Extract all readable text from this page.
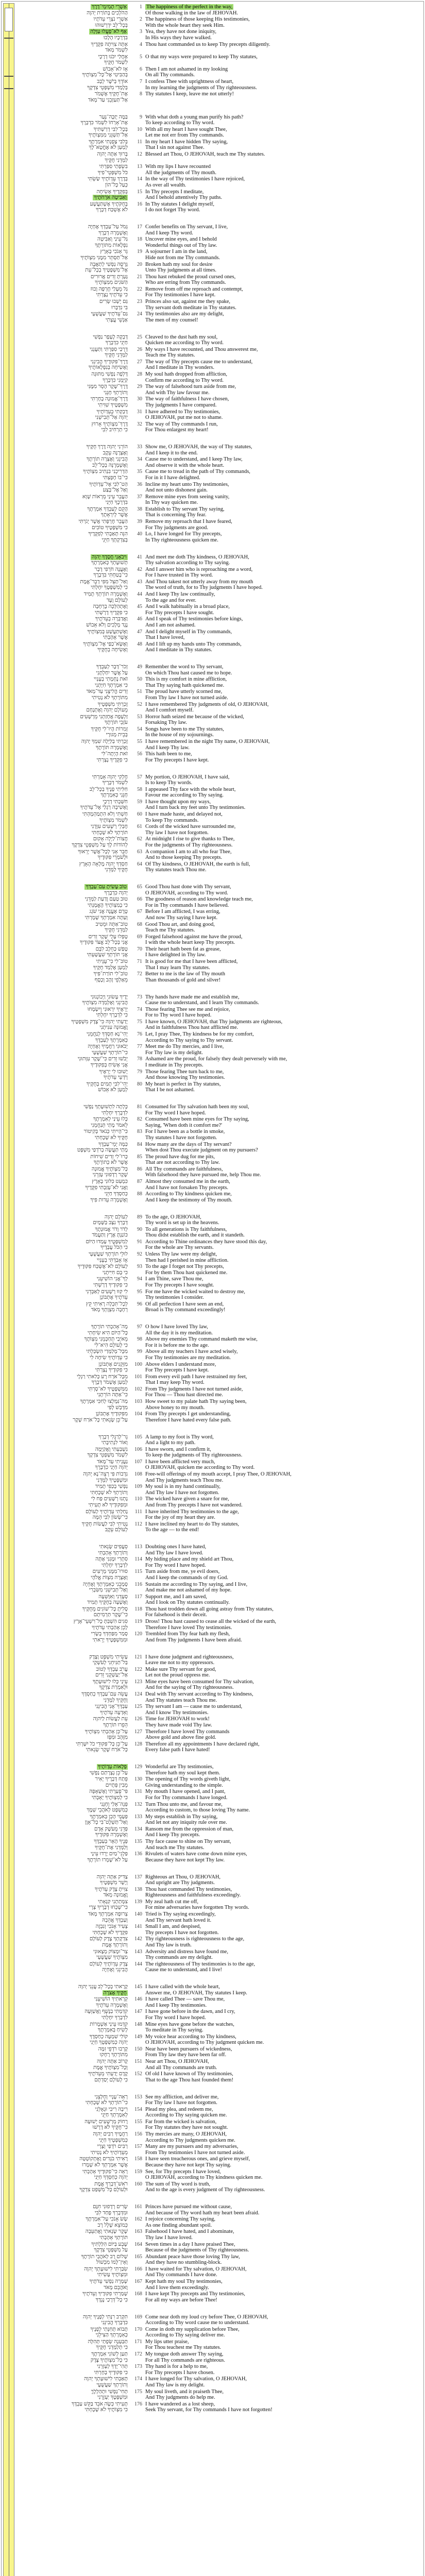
אַשְׁרֵי תְמִימֵי־דָרֶךְ
הַהֹלְכִים בְּתוֹרַת יְהוָה
1 The happiness of the perfect in the way,
Of those walking in the law of JEHOVAH.
אַשְׁרֵי נֹצְרֵי עֵדֹתָיו
בְּכָל־לֵב יִדְרְשׁוּהוּ
2 The happiness of those keeping His testimonies,
With the whole heart they seek Him.
אַף לֹא־פָעֲלוּ עַוְלָה
בִּדְרָכָיו הָלָכוּ
3 Yea, they have not done iniquity,
In His ways they have walked.
אַתָּה צִוִּיתָה פִקֻּדֶיךָ
לִשְׁמֹר מְאֹד
4 Thou hast commanded us to keep Thy precepts diligently.
אַחֲלַי יִכֹּנוּ דְרָכָי
לִשְׁמֹר חֻקֶּיךָ
5 O that my ways were prepared to keep Thy statutes,
אָז לֹא־אֵבוֹשׁ
בְּהַבִּיטִי אֶל־כָּל־מִצְוֺתֶיךָ
6 Then I am not ashamed in my looking
On all Thy commands.
אוֹדְךָ בְּיֹשֶׁר לֵבָב
בְּלָמְדִי מִשְׁפְּטֵי צִדְקֶךָ
7 I confess Thee with uprightness of heart,
In my learning the judgments of Thy righteousness.
אֶת־חֻקֶּיךָ אֶשְׁמֹר
אַל־תַּעַזְבֵנִי עַד־מְאֹד
8 Thy statutes I keep, leave me not utterly!
בַּמֶּה יְזַכֶּה־נַּעַר
אֶת־אָרְחוֹ לִשְׁמֹר כִּדְבָרֶךָ
9 With what doth a young man purify his path?
To keep according to Thy word.
בְּכָל־לִבִּי דְרַשְׁתִּיךָ
אַל־תַּשְׁגֵּנִי מִמִּצְוֺתֶיךָ
10 With all my heart I have sought Thee,
Let me not err from Thy commands.
בְּלִבִּי צָפַנְתִּי אִמְרָתֶךָ
לְמַעַן לֹא אֶחֱטָא־לָךְ
11 In my heart I have hidden Thy saying,
That I sin not against Thee.
בָּרוּךְ אַתָּה יְהוָה
לַמְּדֵנִי חֻקֶּיךָ
12 Blessed art Thou, O JEHOVAH, teach me Thy statutes.
בִּשְׂפָתַי סִפַּרְתִּי
כֹּל מִשְׁפְּטֵי־פִיךָ
13 With my lips I have recounted
All the judgments of Thy mouth.
בְּדֶרֶךְ עֵדְוֺתֶיךָ שַׂשְׂתִּי
כְּעַל כָּל־הוֹן
14 In the way of Thy testimonies I have rejoiced,
As over all wealth.
בְּפִקֻּדֶיךָ אָשִׂיחָה
וְאַבִּיטָה אֹרְחֹתֶיךָ
15 In Thy precepts I meditate,
And I behold attentively Thy paths.
בְּחֻקֹּתֶיךָ אֶשְׁתַּעֲשָׁע
לֹא אֶשְׁכַּח דְּבָרֶךָ
16 In Thy statutes I delight myself,
I do not forget Thy word.
גְּמֹל עַל־עַבְדְּךָ אֶחְיֶה
וְאֶשְׁמְרָה דְבָרֶךָ
17 Confer benefits on Thy servant, I live,
And I keep Thy word.
גַּל־עֵינַי וְאַבִּיטָה
נִפְלָאוֹת מִתּוֹרָתֶךָ
18 Uncover mine eyes, and I behold
Wonderful things out of Thy law.
גֵּר אָנֹכִי בָאָרֶץ
אַל־תַּסְתֵּר מִמֶּנִּי מִצְוֺתֶיךָ
19 A sojourner I am in the land,
Hide not from me Thy commands.
גָּרְסָה נַפְשִׁי לְתַאֲבָה
אֶל־מִשְׁפָּטֶיךָ בְכָל־עֵת
20 Broken hath my soul for desire
Unto Thy judgments at all times.
גָּעַרְתָּ זֵדִים אֲרוּרִים
הַשֹּׁגִים מִמִּצְוֺתֶיךָ
21 Thou hast rebuked the proud cursed ones,
Who are erring from Thy commands.
גַּל מֵעָלַי חֶרְפָּה וָבוּז
כִּי עֵדֹתֶיךָ נָצָרְתִּי
22 Remove from off me reproach and contempt,
For Thy testimonies I have kept.
גַּם יָשְׁבוּ שָׂרִים
בִּי נִדְבָּרוּ
23 Princes also sat, against me they spake,
Thy servant doth meditate in Thy statutes.
גַּם־עֵדֹתֶיךָ שַׁעֲשֻׁעָי
אַנְשֵׁי עֲצָתִי
24 Thy testimonies also are my delight,
The men of my counsel!
דָּבְקָה לֶעָפָר נַפְשִׁי
חַיֵּנִי כִּדְבָרֶךָ
25 Cleaved to the dust hath my soul,
Quicken me according to Thy word.
דְּרָכַי סִפַּרְתִּי וַתַּעֲנֵנִי
לַמְּדֵנִי חֻקֶּיךָ
26 My ways I have recounted, and Thou answerest me,
Teach me Thy statutes.
דֶּרֶךְ־פִּקּוּדֶיךָ הֲבִינֵנִי
וְאָשִׂיחָה בְּנִפְלְאוֹתֶיךָ
27 The way of Thy precepts cause me to understand,
And I meditate in Thy wonders.
דָּלְפָה נַפְשִׁי מִתּוּגָה
קַיְּמֵנִי כִּדְבָרֶךָ
28 My soul hath dropped from affliction,
Confirm me according to Thy word.
דֶּרֶךְ־שֶׁקֶר הָסֵר מִמֶּנִּי
וְתוֹרָתְךָ חָנֵּנִי
29 The way of falsehood turn aside from me,
And with Thy law favour me.
דֶּרֶךְ־אֱמוּנָה בָחָרְתִּי
מִשְׁפָּטֶיךָ שִׁוִּיתִי
30 The way of faithfulness I have chosen,
Thy judgments I have compared.
דָּבַקְתִּי בְעֵדְוֺתֶיךָ
יְהוָה אַל־תְּבִישֵׁנִי
31 I have adhered to Thy testimonies,
O JEHOVAH, put me not to shame.
דֶּרֶךְ־מִצְוֺתֶיךָ אָרוּץ
כִּי תַרְחִיב לִבִּי
32 The way of Thy commands I run,
For Thou enlargest my heart!
הוֹרֵנִי יְהוָה דֶּרֶךְ חֻקֶּיךָ
וְאֶצְּרֶנָּה עֵקֶב
33 Show me, O JEHOVAH, the way of Thy statutes,
And I keep it to the end.
הֲבִינֵנִי וְאֶצְּרָה תוֹרָתֶךָ
וְאֶשְׁמְרֶנָּה בְכָל־לֵב
34 Cause me to understand, and I keep Thy law,
And observe it with the whole heart.
הַדְרִיכֵנִי בִּנְתִיב מִצְוֺתֶיךָ
כִּי־בוֹ חָפָצְתִּי
35 Cause me to tread in the path of Thy commands,
For in it I have delighted.
הַט־לִבִּי אֶל־עֵדְוֺתֶיךָ
וְאַל אֶל־בָּצַע
36 Incline my heart unto Thy testimonies,
And not unto dishonest gain.
הַעֲבֵר עֵינַי מֵרְאוֹת שָׁוְא
בִּדְרָכֶךָ חַיֵּנִי
37 Remove mine eyes from seeing vanity,
In Thy way quicken me.
הָקֵם לְעַבְדְּךָ אִמְרָתֶךָ
אֲשֶׁר לְיִרְאָתֶךָ
38 Establish to Thy servant Thy saying,
That is concerning Thy fear.
הַעֲבֵר חֶרְפָּתִי אֲשֶׁר יָגֹרְתִּי
כִּי מִשְׁפָּטֶיךָ טוֹבִים
39 Remove my reproach that I have feared,
For Thy judgments are good.
הִנֵּה תָּאַבְתִּי לְפִקֻּדֶיךָ
בְּצִדְקָתְךָ חַיֵּנִי
40 Lo, I have longed for Thy precepts,
In Thy righteousness quicken me.
וִיבֹאֻנִי חֲסָדֶךָ יְהוָה
תְּשׁוּעָתְךָ כְּאִמְרָתֶךָ
41 And meet me doth Thy kindness, O JEHOVAH,
Thy salvation according to Thy saying.
וְאֶעֱנֶה חֹרְפִי דָבָר
כִּי־בָטַחְתִּי בִּדְבָרֶךָ
42 And I answer him who is reproaching me a word,
For I have trusted in Thy word.
וְאַל־תַּצֵּל מִפִּי דְבַר־אֱמֶת
כִּי לְמִשְׁפָּטֶךָ יִחָלְתִּי
43 And Thou takest not utterly away from my mouth
The word of truth, for to Thy judgments I have hoped.
וְאֶשְׁמְרָה תוֹרָתְךָ תָמִיד
לְעוֹלָם וָעֶד
44 And I keep Thy law continually,
To the age and for ever.
וְאֶתְהַלְּכָה בָרְחָבָה
כִּי פִקֻּדֶיךָ דָרָשְׁתִּי
45 And I walk habitually in a broad place,
For Thy precepts I have sought.
וַאֲדַבְּרָה בְעֵדֹתֶיךָ
נֶגֶד מְלָכִים וְלֹא אֵבוֹשׁ
46 And I speak of Thy testimonies before kings,
And I am not ashamed.
וְאֶשְׁתַּעֲשַׁע בְּמִצְוֺתֶיךָ
אֲשֶׁר אָהָבְתִּי
47 And I delight myself in Thy commands,
That I have loved,
וְאֶשָּׂא־כַפַּי אֶל־מִצְוֺתֶיךָ
וְאָשִׂיחָה בְחֻקֶּיךָ
48 And I lift up my hands unto Thy commands,
And I meditate in Thy statutes.
זְכֹר־דָּבָר לְעַבְדֶּךָ
עַל אֲשֶׁר יִחַלְתָּנִי
49 Remember the word to Thy servant,
On which Thou hast caused me to hope.
זֹאת נֶחָמָתִי בְעָנְיִי
כִּי אִמְרָתְךָ חִיָּתְנִי
50 This is my comfort in mine affliction,
That Thy saying hath quickened me.
זֵדִים הֱלִיצֻנִי עַד־מְאֹד
מִתּוֹרָתְךָ לֹא נָטִיתִי
51 The proud have utterly scorned me,
From Thy law I have not turned aside.
זָכַרְתִּי מִשְׁפָּטֶיךָ
מֵעוֹלָם יְהוָה וָאֶתְנֶחָם
52 I have remembered Thy judgments of old, O JEHOVAH,
And I comfort myself.
זַלְעָפָה אֲחָזַתְנִי מֵרְשָׁעִים
עֹזְבֵי תּוֹרָתֶךָ
53 Horror hath seized me because of the wicked,
Forsaking Thy law.
זְמִרוֹת הָיוּ־לִי חֻקֶּיךָ
בְּבֵית מְגוּרָי
54 Songs have been to me Thy statutes,
In the house of my sojournings.
זָכַרְתִּי בַלַּיְלָה שִׁמְךָ יְהוָה
וָאֶשְׁמְרָה תּוֹרָתֶךָ
55 I have remembered in the night Thy name, O JEHOVAH,
And I keep Thy law.
זֹאת הָיְתָה־לִּי
כִּי פִקֻּדֶיךָ נָצָרְתִּי
56 This hath been to me,
For Thy precepts I have kept.
חֶלְקִי יְהוָה אָמַרְתִּי
לִשְׁמֹר דְּבָרֶיךָ
57 My portion, O JEHOVAH, I have said,
Is to keep Thy words.
חִלִּיתִי פָנֶיךָ בְכָל־לֵב
חָנֵּנִי כְּאִמְרָתֶךָ
58 I appeased Thy face with the whole heart,
Favour me according to Thy saying.
חִשַּׁבְתִּי דְרָכָי
וָאָשִׁיבָה רַגְלַי אֶל־עֵדֹתֶיךָ
59 I have thought upon my ways,
And I turn back my feet unto Thy testimonies.
חַשְׁתִּי וְלֹא הִתְמַהְמָהְתִּי
לִשְׁמֹר מִצְוֺתֶיךָ
60 I have made haste, and delayed not,
To keep Thy commands.
חֶבְלֵי רְשָׁעִים עִוְּדֻנִי
תּוֹרָתְךָ לֹא שָׁכָחְתִּי
61 Cords of the wicked have surrounded me,
Thy law I have not forgotten.
חֲצוֹת־לַיְלָה אָקוּם
לְהוֹדוֹת לָךְ עַל מִשְׁפְּטֵי צִדְקֶךָ
62 At midnight I rise to give thanks to Thee,
For the judgments of Thy righteousness.
חָבֵר אָנִי לְכָל־אֲשֶׁר יְרֵאוּךָ
וּלְשֹׁמְרֵי פִּקּוּדֶיךָ
63 A companion I am to all who fear Thee,
And to those keeping Thy precepts.
חַסְדְּךָ יְהוָה מָלְאָה הָאָרֶץ
חֻקֶּיךָ לַמְּדֵנִי
64 Of Thy kindness, O JEHOVAH, the earth is full,
Thy statutes teach Thou me.
טוֹב עָשִׂיתָ עִם־עַבְדְּךָ
יְהוָה כִּדְבָרֶךָ
65 Good Thou hast done with Thy servant,
O JEHOVAH, according to Thy word.
טוּב טַעַם וָדַעַת לַמְּדֵנִי
כִּי בְמִצְוֺתֶיךָ הֶאֱמָנְתִּי
66 The goodness of reason and knowledge teach me,
For in Thy commands I have believed.
טֶרֶם אֶעֱנֶה אֲנִי שֹׁגֵג
וְעַתָּה אִמְרָתְךָ שָׁמָרְתִּי
67 Before I am afflicted, I was erring,
And now Thy saying I have kept.
טוֹב־אַתָּה וּמֵטִיב
לַמְּדֵנִי חֻקֶּיךָ
68 Good Thou art, and doing good,
Teach me Thy statutes.
טָפְלוּ עָלַי שֶׁקֶר זֵדִים
אֲנִי בְּכָל־לֵב אֱצֹּר פִּקּוּדֶיךָ
69 Forged falsehood against me have the proud,
I with the whole heart keep Thy precepts.
טָפַשׁ כַּחֵלֶב לִבָּם
אֲנִי תּוֹרָתְךָ שִׁעֲשָׁעְתִּי
70 Their heart hath been fat as grease,
I have delighted in Thy law.
טוֹב־לִי כִי־עֻנֵּיתִי
לְמַעַן אֶלְמַד חֻקֶּיךָ
71 It is good for me that I have been afflicted,
That I may learn Thy statutes.
טוֹב־לִי תוֹרַת־פִּיךָ
מֵאַלְפֵי זָהָב וָכָסֶף
72 Better to me is the law of Thy mouth
Than thousands of gold and silver!
יָדֶיךָ עָשׂוּנִי וַיְכוֹנְנוּנִי
הֲבִינֵנִי וְאֶלְמְדָה מִצְוֺתֶיךָ
73 Thy hands have made me and establish me,
Cause me to understand, and I learn Thy commands.
יְרֵאֶיךָ יִרְאוּנִי וְיִשְׂמָחוּ
כִּי לִדְבָרְךָ יִחָלְתִּי
74 Those fearing Thee see me and rejoice,
For to Thy word I have hoped.
יָדַעְתִּי יְהוָה כִּי־צֶדֶק מִשְׁפָּטֶיךָ
וֶאֱמוּנָה עִנִּיתָנִי
75 I have known, O JEHOVAH, that Thy judgments are righteous,
And in faithfulness Thou hast afflicted me.
יְהִי־נָא חַסְדְּךָ לְנַחֲמֵנִי
כְּאִמְרָתְךָ לְעַבְדֶּךָ
76 Let, I pray Thee, Thy kindness be for my comfort,
According to Thy saying to Thy servant.
יְבֹאוּנִי רַחֲמֶיךָ וְאֶחְיֶה
כִּי־תוֹרָתְךָ שַׁעֲשֻׁעָי
77 Meet me do Thy mercies, and I live,
For Thy law is my delight.
יֵבֹשׁוּ זֵדִים כִּי־שֶׁקֶר עִוְּתוּנִי
אֲנִי אָשִׂיחַ בְּפִקּוּדֶיךָ
78 Ashamed are the proud, for falsely they dealt perversely with me,
I meditate in Thy precepts.
יָשׁוּבוּ לִי יְרֵאֶיךָ
וְיֹדְעֵי עֵדֹתֶיךָ
79 Those fearing Thee turn back to me,
And those knowing Thy testimonies.
יְהִי־לִבִּי תָמִים בְּחֻקֶּיךָ
לְמַעַן לֹא אֵבוֹשׁ
80 My heart is perfect in Thy statutes,
That I be not ashamed.
כָּלְתָה לִתְשׁוּעָתְךָ נַפְשִׁי
לִדְבָרְךָ יִחָלְתִּי
81 Consumed for Thy salvation hath been my soul,
For Thy word I have hoped.
כָּלוּ עֵינַי לְאִמְרָתֶךָ
לֵאמֹר מָתַי תְּנַחֲמֵנִי
82 Consumed have been mine eyes for Thy saying,
Saying, 'When doth it comfort me?'
כִּי־הָיִיתִי כְּנֹאד בְּקִיטוֹר
חֻקֶּיךָ לֹא שָׁכָחְתִּי
83 For I have been as a bottle in smoke,
Thy statutes I have not forgotten.
כַּמָּה יְמֵי־עַבְדֶּךָ
מָתַי תַּעֲשֶׂה בְרֹדְפַי מִשְׁפָּט
84 How many are the days of Thy servant?
When dost Thou execute judgment on my pursuers?
כָּרוּ־לִי זֵדִים שִׁיחוֹת
אֲשֶׁר לֹא כְתוֹרָתֶךָ
85 The proud have dug for me pits,
That are not according to Thy law.
כָּל־מִצְוֺתֶיךָ אֱמוּנָה
שֶׁקֶר רְדָפוּנִי עָזְרֵנִי
86 All Thy commands are faithfulness,
With falsehood they have pursued me, help Thou me.
כִּמְעַט כִּלּוּנִי בָאָרֶץ
וַאֲנִי לֹא־עָזַבְתִּי פִקֻּדֶיךָ
87 Almost they consumed me in the earth,
And I have not forsaken Thy precepts.
כְּחַסְדְּךָ חַיֵּנִי
וְאֶשְׁמְרָה עֵדוּת פִּיךָ
88 According to Thy kindness quicken me,
And I keep the testimony of Thy mouth.
לְעוֹלָם יְהוָה
דְּבָרְךָ נִצָּב בַּשָּׁמָיִם
89 To the age, O JEHOVAH,
Thy word is set up in the heavens.
לְדֹר וָדֹר אֱמוּנָתֶךָ
כּוֹנַנְתָּ אֶרֶץ וַתַּעֲמֹד
90 To all generations is Thy faithfulness,
Thou didst establish the earth, and it standeth.
לְמִשְׁפָּטֶיךָ עָמְדוּ הַיּוֹם
כִּי הַכֹּל עֲבָדֶיךָ
91 According to Thine ordinances they have stood this day,
For the whole are Thy servants.
לוּלֵי תוֹרָתְךָ שַׁעֲשֻׁעָי
אָז אָבַדְתִּי בְעָנְיִי
92 Unless Thy law were my delight,
Then had I perished in mine affliction.
לְעוֹלָם לֹא־אֶשְׁכַּח פִּקּוּדֶיךָ
כִּי בָם חִיִּיתָנִי
93 To the age I forget not Thy precepts,
For by them Thou hast quickened me.
לְךָ־אֲנִי הוֹשִׁיעֵנִי
כִּי פִקּוּדֶיךָ דָרָשְׁתִּי
94 I am Thine, save Thou me,
For Thy precepts I have sought.
לִי קִוּוּ רְשָׁעִים לְאַבְּדֵנִי
עֵדֹתֶיךָ אֶתְבּוֹנָן
95 For me have the wicked waited to destroy me,
Thy testimonies I consider.
לְכָל־תִּכְלָה רָאִיתִי קֵץ
רְחָבָה מִצְוָתְךָ מְאֹד
96 Of all perfection I have seen an end,
Broad is Thy command exceedingly!
מָה־אָהַבְתִּי תוֹרָתֶךָ
כָּל־הַיּוֹם הִיא שִׂיחָתִי
97 O how I have loved Thy law,
All the day it is my meditation.
מֵאֹיְבַי תְּחַכְּמֵנִי מִצְוֺתֶךָ
כִּי לְעוֹלָם הִיא־לִי
98 Above my enemies Thy command maketh me wise,
For it is before me to the age.
מִכָּל־מְלַמְּדַי הִשְׂכַּלְתִּי
כִּי עֵדְוֺתֶיךָ שִׂיחָה לִי
99 Above all my teachers I have acted wisely,
For Thy testimonies are my meditation.
מִזְּקֵנִים אֶתְבּוֹנָן
כִּי פִקּוּדֶיךָ נָצָרְתִּי
100 Above elders I understand more,
For Thy precepts I have kept.
מִכָּל־אֹרַח רָע כָּלִאתִי רַגְלָי
לְמַעַן אֶשְׁמֹר דְּבָרֶךָ
101 From every evil path I have restrained my feet,
That I may keep Thy word.
מִמִּשְׁפָּטֶיךָ לֹא־סָרְתִּי
כִּי־אַתָּה הוֹרֵתָנִי
102 From Thy judgments I have not turned aside,
For Thou — Thou hast directed me.
מַה־נִּמְלְצוּ לְחִכִּי אִמְרָתֶךָ
מִדְּבַשׁ לְפִי
103 How sweet to my palate hath Thy saying been,
Above honey to my mouth.
מִפִּקּוּדֶיךָ אֶתְבּוֹנָן
עַל־כֵּן שָׂנֵאתִי כָּל־אֹרַח שָׁקֶר
104 From Thy precepts I get understanding,
Therefore I have hated every false path.
נֵר־לְרַגְלִי דְבָרֶךָ
וְאוֹר לִנְתִיבָתִי
105 A lamp to my foot is Thy word,
And a light to my path.
נִשְׁבַּעְתִּי וָאֲקַיֵּמָה
לִשְׁמֹר מִשְׁפְּטֵי צִדְקֶךָ
106 I have sworn, and I confirm it,
To keep the judgments of Thy righteousness.
נַעֲנֵיתִי עַד־מְאֹד
יְהוָה חַיֵּנִי כִדְבָרֶךָ
107 I have been afflicted very much,
O JEHOVAH, quicken me according to Thy word.
נִדְבוֹת פִּי רְצֵה־נָא יְהוָה
וּמִשְׁפָּטֶיךָ לַמְּדֵנִי
108 Free-will offerings of my mouth accept, I pray Thee, O JEHOVAH,
And Thy judgments teach Thou me.
נַפְשִׁי בְכַפִּי תָמִיד
וְתוֹרָתְךָ לֹא שָׁכָחְתִּי
109 My soul is in my hand continually,
And Thy law I have not forgotten.
נָתְנוּ רְשָׁעִים פַּח לִי
וּמִפִּקּוּדֶיךָ לֹא תָעִיתִי
110 The wicked have given a snare for me,
And from Thy precepts I have not wandered.
נָחַלְתִּי עֵדְוֺתֶיךָ לְעוֹלָם
כִּי־שְׂשׂוֹן לִבִּי הֵמָּה
111 I have inherited Thy testimonies to the age,
For the joy of my heart they are.
נָטִיתִי לִבִּי לַעֲשׂוֹת חֻקֶּיךָ
לְעוֹלָם עֵקֶב
112 I have inclined my heart to do Thy statutes,
To the age — to the end!
סֵעֲפִים שָׂנֵאתִי
וְתוֹרָתְךָ אָהָבְתִּי
113 Doubting ones I have hated,
And Thy law I have loved.
סִתְרִי וּמָגִנִּי אָתָּה
לִדְבָרְךָ יִחָלְתִּי
114 My hiding place and my shield art Thou,
For Thy word I have hoped.
סוּרוּ־מִמֶּנִּי מְרֵעִים
וְאֶצְּרָה מִצְוֺת אֱלֹהָי
115 Turn aside from me, ye evil doers,
And I keep the commands of my God.
סָמְכֵנִי כְאִמְרָתְךָ וְאֶחְיֶה
וְאַל־תְּבִישֵׁנִי מִשִּׂבְרִי
116 Sustain me according to Thy saying, and I live,
And make me not ashamed of my hope.
סְעָדֵנִי וְאִוָּשֵׁעָה
וְאֶשְׁעָה בְחֻקֶּיךָ תָמִיד
117 Support me, and I am saved,
And I look on Thy statutes continually.
סָלִיתָ כָּל־שׁוֹגִים מֵחֻקֶּיךָ
כִּי־שֶׁקֶר תַּרְמִיתָם
118 Thou hast trodden down all going astray from Thy statutes,
For falsehood is their deceit.
סִגִים הִשְׁבַּתָּ כָל־רִשְׁעֵי־אָרֶץ
לָכֵן אָהַבְתִּי עֵדֹתֶיךָ
119 Dross! Thou hast caused to cease all the wicked of the earth,
Therefore I have loved Thy testimonies.
סָמַר מִפַּחְדְּךָ בְשָׂרִי
וּמִמִּשְׁפָּטֶיךָ יָרֵאתִי
120 Trembled from Thy fear hath my flesh,
And from Thy judgments I have been afraid.
עָשִׂיתִי מִשְׁפָּט וָצֶדֶק
בַּל־תַּנִּיחֵנִי לְעֹשְׁקָי
121 I have done judgment and righteousness,
Leave me not to my oppressors.
עֲרֹב עַבְדְּךָ לְטוֹב
אַל־יַעַשְׁקֻנִי זֵדִים
122 Make sure Thy servant for good,
Let not the proud oppress me.
עֵינַי כָּלוּ לִישׁוּעָתֶךָ
וּלְאִמְרַת צִדְקֶךָ
123 Mine eyes have been consumed for Thy salvation,
And for the saying of Thy righteousness.
עֲשֵׂה עִם־עַבְדְּךָ כְחַסְדֶּךָ
וְחֻקֶּיךָ לַמְּדֵנִי
124 Deal with Thy servant according to Thy kindness,
And Thy statutes teach Thou me.
עַבְדְּךָ־אָנִי הֲבִינֵנִי
וְאֵדְעָה עֵדֹתֶיךָ
125 Thy servant I am — cause me to understand,
And I know Thy testimonies.
עֵת לַעֲשׂוֹת לַיהוָה
הֵפֵרוּ תּוֹרָתֶךָ
126 Time for JEHOVAH to work!
They have made void Thy law.
עַל־כֵּן אָהַבְתִּי מִצְוֺתֶיךָ
מִזָּהָב וּמִפָּז
127 Therefore I have loved Thy commands
Above gold and above fine gold.
עַל־כֵּן כָּל־פִּקּוּדֵי כֹל יִשָּׁרְתִּי
כָּל־אֹרַח שֶׁקֶר שָׂנֵאתִי
128 Therefore all my appointments I have declared right,
Every false path I have hated!
פְּלָאוֹת עֵדְוֺתֶיךָ
עַל־כֵּן נְצָרָתַם נַפְשִׁי
129 Wonderful are Thy testimonies,
Therefore hath my soul kept them.
פֵּתַח דְּבָרֶיךָ יָאִיר
מֵבִין פְּתָיִים
130 The opening of Thy words giveth light,
Giving understanding to the simple.
פִּי־פָעַרְתִּי וָאֶשְׁאָפָה
כִּי לְמִצְוֺתֶיךָ יָאָבְתִּי
131 My mouth I have opened, and I pant,
For for Thy commands I have longed.
פְּנֵה־אֵלַי וְחָנֵּנִי
כְּמִשְׁפָּט לְאֹהֲבֵי שְׁמֶךָ
132 Turn Thou unto me, and favour me,
According to custom, to those loving Thy name.
פְּעָמַי הָכֵן בְּאִמְרָתֶךָ
וְאַל־תַּשְׁלֶט־בִּי כָל־אָוֶן
133 My steps establish in Thy saying,
And let not any iniquity rule over me.
פְּדֵנִי מֵעֹשֶׁק אָדָם
וְאֶשְׁמְרָה פִּקּוּדֶיךָ
134 Ransom me from the oppression of man,
And I keep Thy precepts.
פָּנֶיךָ הָאֵר בְּעַבְדֶּךָ
וְלַמְּדֵנִי אֶת־חֻקֶּיךָ
135 Thy face cause to shine on Thy servant,
And teach me Thy statutes.
פַּלְגֵי־מַיִם יָרְדוּ עֵינָי
עַל לֹא־שָׁמְרוּ תוֹרָתֶךָ
136 Rivulets of waters have come down mine eyes,
Because they have not kept Thy law.
צַדִּיק אַתָּה יְהוָה
וְיָשָׁר מִשְׁפָּטֶיךָ
137 Righteous art Thou, O JEHOVAH,
And upright are Thy judgments.
צִוִּיתָ צֶדֶק עֵדֹתֶיךָ
וֶאֱמוּנָה מְאֹד
138 Thou hast commanded Thy testimonies,
Righteousness and faithfulness exceedingly.
צִמְּתַתְנִי קִנְאָתִי
כִּי־שָׁכְחוּ דְבָרֶיךָ צָרָי
139 My zeal hath cut me off,
For mine adversaries have forgotten Thy words.
צְרוּפָה אִמְרָתְךָ מְאֹד
וְעַבְדְּךָ אֲהֵבָהּ
140 Tried is Thy saying exceedingly,
And Thy servant hath loved it.
צָעִיר אָנֹכִי וְנִבְזֶה
פִּקֻּדֶיךָ לֹא שָׁכָחְתִּי
141 Small I am, and despised,
Thy precepts I have not forgotten.
צִדְקָתְךָ צֶדֶק לְעוֹלָם
וְתוֹרָתְךָ אֱמֶת
142 Thy righteousness is righteousness to the age,
And Thy law is truth.
צַר־וּמָצוֹק מְצָאוּנִי
מִצְוֺתֶיךָ שַׁעֲשֻׁעָי
143 Adversity and distress have found me,
Thy commands are my delight.
צֶדֶק עֵדְוֺתֶיךָ לְעוֹלָם
הֲבִינֵנִי וְאֶחְיֶה
144 The righteousness of Thy testimonies is to the age,
Cause me to understand, and I live!
קָרָאתִי בְכָל־לֵב עֲנֵנִי יְהוָה
חֻקֶּיךָ אֶצֹּרָה
145 I have called with the whole heart,
Answer me, O JEHOVAH, Thy statutes I keep.
קְרָאתִיךָ הוֹשִׁיעֵנִי
וְאֶשְׁמְרָה עֵדֹתֶיךָ
146 I have called Thee — save Thou me,
And I keep Thy testimonies.
קִדַּמְתִּי בַנֶּשֶׁף וָאֲשַׁוֵּעָה
לִדְבָרְךָ יִחָלְתִּי
147 I have gone before in the dawn, and I cry,
For Thy word I have hoped.
קִדְּמוּ עֵינַי אַשְׁמֻרוֹת
לָשִׂיחַ בְּאִמְרָתֶךָ
148 Mine eyes have gone before the watches,
To meditate in Thy saying.
קוֹלִי שִׁמְעָה כְחַסְדֶּךָ
יְהוָה כְּמִשְׁפָּטֶךָ חַיֵּנִי
149 My voice hear according to Thy kindness,
O JEHOVAH, according to Thy judgment quicken me.
קָרְבוּ רֹדְפֵי זִמָּה
מִתּוֹרָתְךָ רָחָקוּ
150 Near have been pursuers of wickedness,
From Thy law they have been far off.
קָרוֹב אַתָּה יְהוָה
וְכָל־מִצְוֺתֶיךָ אֱמֶת
151 Near art Thou, O JEHOVAH,
And all Thy commands are truth.
קֶדֶם יָדַעְתִּי מֵעֵדֹתֶיךָ
כִּי לְעוֹלָם יְסַדְתָּם
152 Of old I have known of Thy testimonies,
That to the age Thou hast founded them!
רְאֵה־עָנְיִי וְחַלְּצֵנִי
כִּי־תוֹרָתְךָ לֹא שָׁכָחְתִּי
153 See my affliction, and deliver me,
For Thy law I have not forgotten.
רִיבָה רִיבִי וּגְאָלֵנִי
לְאִמְרָתְךָ חַיֵּנִי
154 Plead my plea, and redeem me,
According to Thy saying quicken me.
רָחוֹק מֵרְשָׁעִים יְשׁוּעָה
כִּי־חֻקֶּיךָ לֹא דָרָשׁוּ
155 Far from the wicked is salvation,
For Thy statutes they have not sought.
רַחֲמֶיךָ רַבִּים יְהוָה
כְּמִשְׁפָּטֶיךָ חַיֵּנִי
156 Thy mercies are many, O JEHOVAH,
According to Thy judgments quicken me.
רַבִּים רֹדְפַי וְצָרָי
מֵעֵדְוֺתֶיךָ לֹא נָטִיתִי
157 Many are my pursuers and my adversaries,
From Thy testimonies I have not turned aside.
רָאִיתִי בֹגְדִים וָאֶתְקוֹטָטָה
אֲשֶׁר אִמְרָתְךָ לֹא שָׁמָרוּ
158 I have seen treacherous ones, and grieve myself,
Because they have not kept Thy saying.
רְאֵה כִּי־פִקּוּדֶיךָ אָהָבְתִּי
יְהוָה כְּחַסְדְּךָ חַיֵּנִי
159 See, for Thy precepts I have loved,
O JEHOVAH, according to Thy kindness quicken me.
רֹאשׁ־דְּבָרְךָ אֱמֶת
וּלְעוֹלָם כָּל־מִשְׁפַּט צִדְקֶךָ
160 The sum of Thy word is truth,
And to the age is every judgment of Thy righteousness.
שָׂרִים רְדָפוּנִי חִנָּם
וּמִדְּבָרְךָ פָּחַד לִבִּי
161 Princes have pursued me without cause,
And because of Thy word hath my heart been afraid.
שָׂשׂ אָנֹכִי עַל־אִמְרָתֶךָ
כְּמוֹצֵא שָׁלָל רָב
162 I rejoice concerning Thy saying,
As one finding abundant spoil.
שֶׁקֶר שָׂנֵאתִי וָאֲתַעֵבָה
תּוֹרָתְךָ אָהָבְתִּי
163 Falsehood I have hated, and I abominate,
Thy law I have loved.
שֶׁבַע בַּיּוֹם הִלַּלְתִּיךָ
עַל מִשְׁפְּטֵי צִדְקֶךָ
164 Seven times in a day I have praised Thee,
Because of the judgments of Thy righteousness.
שָׁלוֹם רָב לְאֹהֲבֵי תוֹרָתֶךָ
וְאֵין־לָמוֹ מִכְשׁוֹל
165 Abundant peace have those loving Thy law,
And they have no stumbling-block.
שִׂבַּרְתִּי לִישׁוּעָתְךָ יְהוָה
וּמִצְוֺתֶיךָ עָשִׂיתִי
166 I have waited for Thy salvation, O JEHOVAH,
And Thy commands I have done.
שָׁמְרָה נַפְשִׁי עֵדֹתֶיךָ
וָאֹהֲבֵם מְאֹד
167 Kept hath my soul Thy testimonies,
And I love them exceedingly.
שָׁמַרְתִּי פִקּוּדֶיךָ וְעֵדֹתֶיךָ
כִּי כָל־דְּרָכַי נֶגְדֶּךָ
168 I have kept Thy precepts and Thy testimonies,
For all my ways are before Thee!
תִּקְרַב רִנָּתִי לְפָנֶיךָ יְהוָה
כִּדְבָרְךָ הֲבִינֵנִי
169 Come near doth my loud cry before Thee, O JEHOVAH,
According to Thy word cause me to understand.
תָּבוֹא תְּחִנָּתִי לְפָנֶיךָ
כְּאִמְרָתְךָ הַצִּילֵנִי
170 Come in doth my supplication before Thee,
According to Thy saying deliver me.
תַּבַּעְנָה שְׂפָתַי תְּהִלָּה
כִּי תְלַמְּדֵנִי חֻקֶּיךָ
171 My lips utter praise,
For Thou teachest me Thy statutes.
תַּעַן לְשׁוֹנִי אִמְרָתֶךָ
כִּי כָל־מִצְוֺתֶיךָ צֶּדֶק
172 My tongue doth answer Thy saying,
For all Thy commands are righteous.
תְּהִי־יָדְךָ לְעָזְרֵנִי
כִּי פִקּוּדֶיךָ בָחָרְתִּי
173 Thy hand is for a help to me,
For Thy precepts I have chosen.
תָּאַבְתִּי לִישׁוּעָתְךָ יְהוָה
וְתוֹרָתְךָ שַׁעֲשֻׁעָי
174 I have longed for Thy salvation, O JEHOVAH,
And Thy law is my delight.
תְּחִי־נַפְשִׁי וּתְהַלְלֶךָּ
וּמִשְׁפָּטֶךָ יַעְזְרֻנִי
175 My soul liveth, and it praiseth Thee,
And Thy judgments do help me.
תָּעִיתִי כְּשֶׂה אֹבֵד בַּקֵּשׁ עַבְדֶּךָ
כִּי מִצְוֺתֶיךָ לֹא שָׁכָחְתִּי
176 I have wandered as a lost sheep,
Seek Thy servant, for Thy commands I have not forgotten!
